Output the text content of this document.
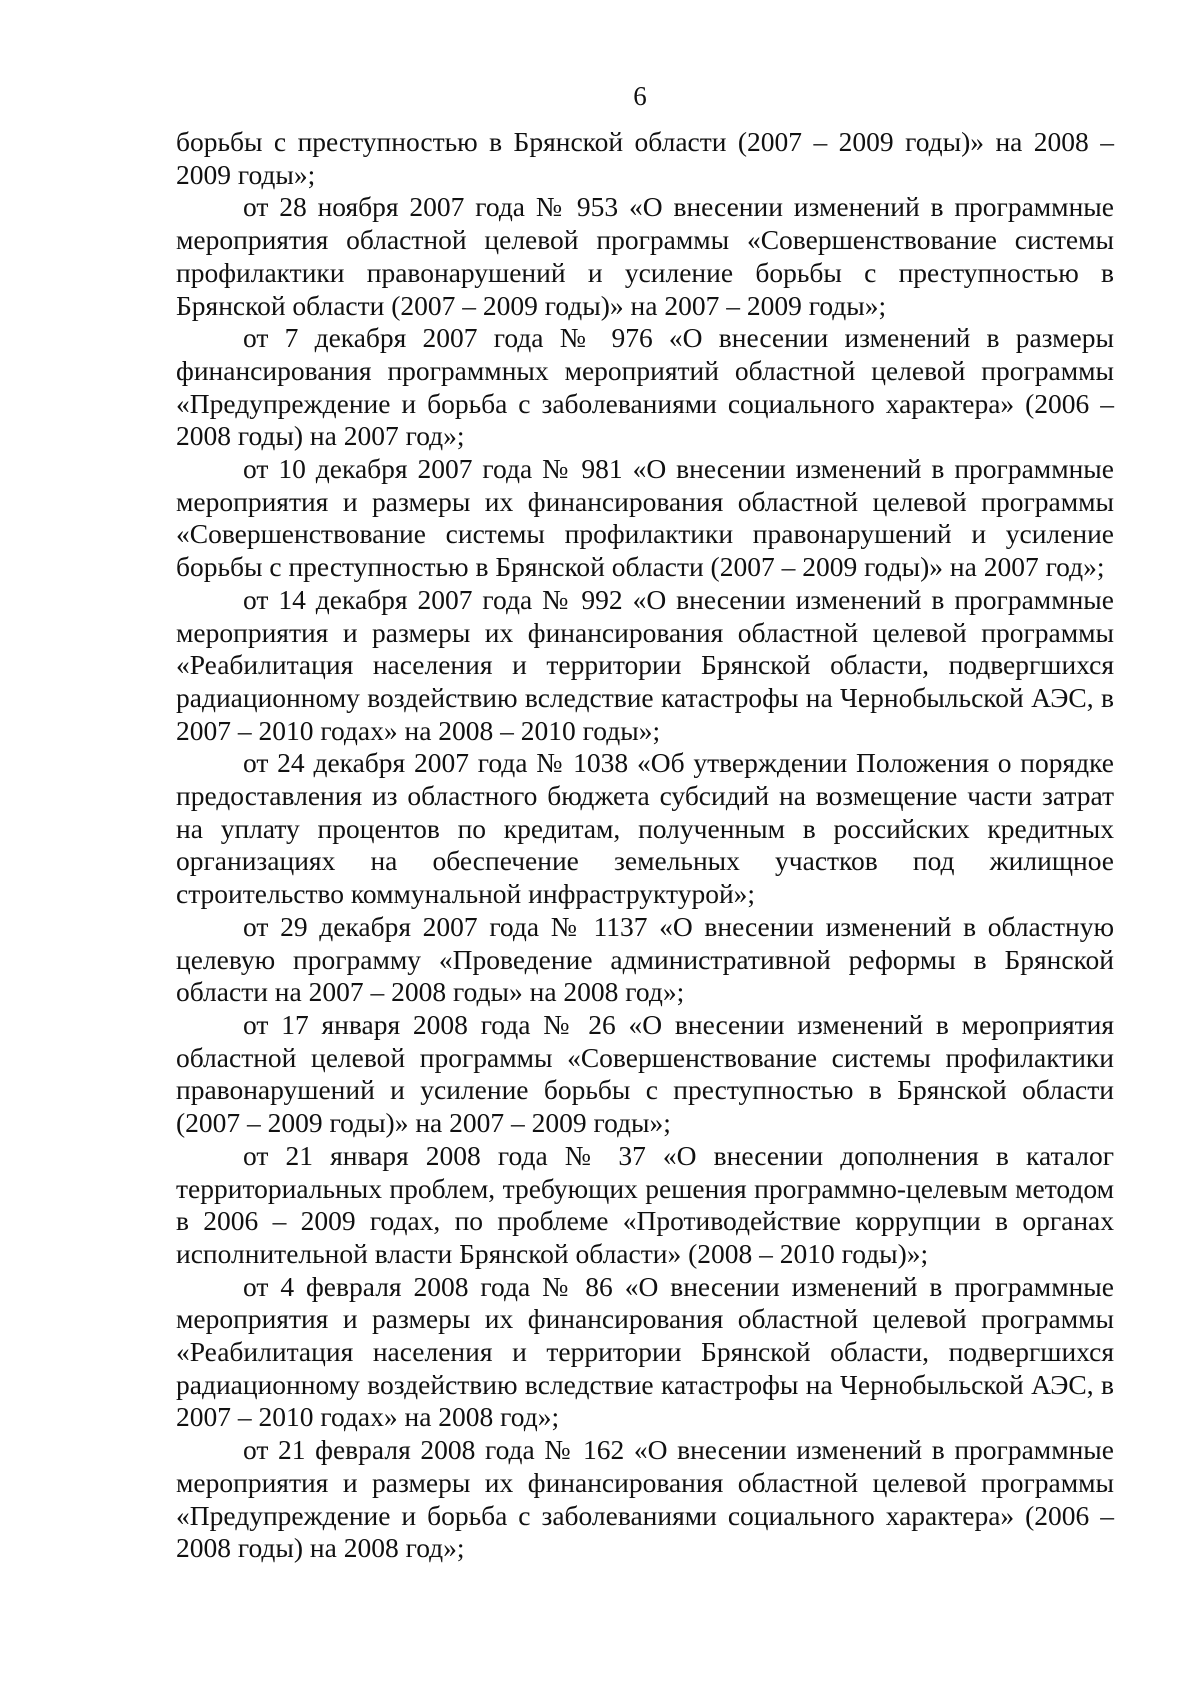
6

борьбы с преступностью в Брянской области (2007 – 2009 годы)» на 2008 – 2009 годы»;

от 28 ноября 2007 года № 953 «О внесении изменений в программные мероприятия областной целевой программы «Совершенствование системы профилактики правонарушений и усиление борьбы с преступностью в Брянской области (2007 – 2009 годы)» на 2007 – 2009 годы»;

от 7 декабря 2007 года № 976 «О внесении изменений в размеры финансирования программных мероприятий областной целевой программы «Предупреждение и борьба с заболеваниями социального характера» (2006 – 2008 годы) на 2007 год»;

от 10 декабря 2007 года № 981 «О внесении изменений в программные мероприятия и размеры их финансирования областной целевой программы «Совершенствование системы профилактики правонарушений и усиление борьбы с преступностью в Брянской области (2007 – 2009 годы)» на 2007 год»;

от 14 декабря 2007 года № 992 «О внесении изменений в программные мероприятия и размеры их финансирования областной целевой программы «Реабилитация населения и территории Брянской области, подвергшихся радиационному воздействию вследствие катастрофы на Чернобыльской АЭС, в 2007 – 2010 годах» на 2008 – 2010 годы»;

от 24 декабря 2007 года № 1038 «Об утверждении Положения о порядке предоставления из областного бюджета субсидий на возмещение части затрат на уплату процентов по кредитам, полученным в российских кредитных организациях на обеспечение земельных участков под жилищное строительство коммунальной инфраструктурой»;

от 29 декабря 2007 года № 1137 «О внесении изменений в областную целевую программу «Проведение административной реформы в Брянской области на 2007 – 2008 годы» на 2008 год»;

от 17 января 2008 года № 26 «О внесении изменений в мероприятия областной целевой программы «Совершенствование системы профилактики правонарушений и усиление борьбы с преступностью в Брянской области (2007 – 2009 годы)» на 2007 – 2009 годы»;

от 21 января 2008 года № 37 «О внесении дополнения в каталог территориальных проблем, требующих решения программно-целевым методом в 2006 – 2009 годах, по проблеме «Противодействие коррупции в органах исполнительной власти Брянской области» (2008 – 2010 годы)»;

от 4 февраля 2008 года № 86 «О внесении изменений в программные мероприятия и размеры их финансирования областной целевой программы «Реабилитация населения и территории Брянской области, подвергшихся радиационному воздействию вследствие катастрофы на Чернобыльской АЭС, в 2007 – 2010 годах» на 2008 год»;

от 21 февраля 2008 года № 162 «О внесении изменений в программные мероприятия и размеры их финансирования областной целевой программы «Предупреждение и борьба с заболеваниями социального характера» (2006 – 2008 годы) на 2008 год»;
